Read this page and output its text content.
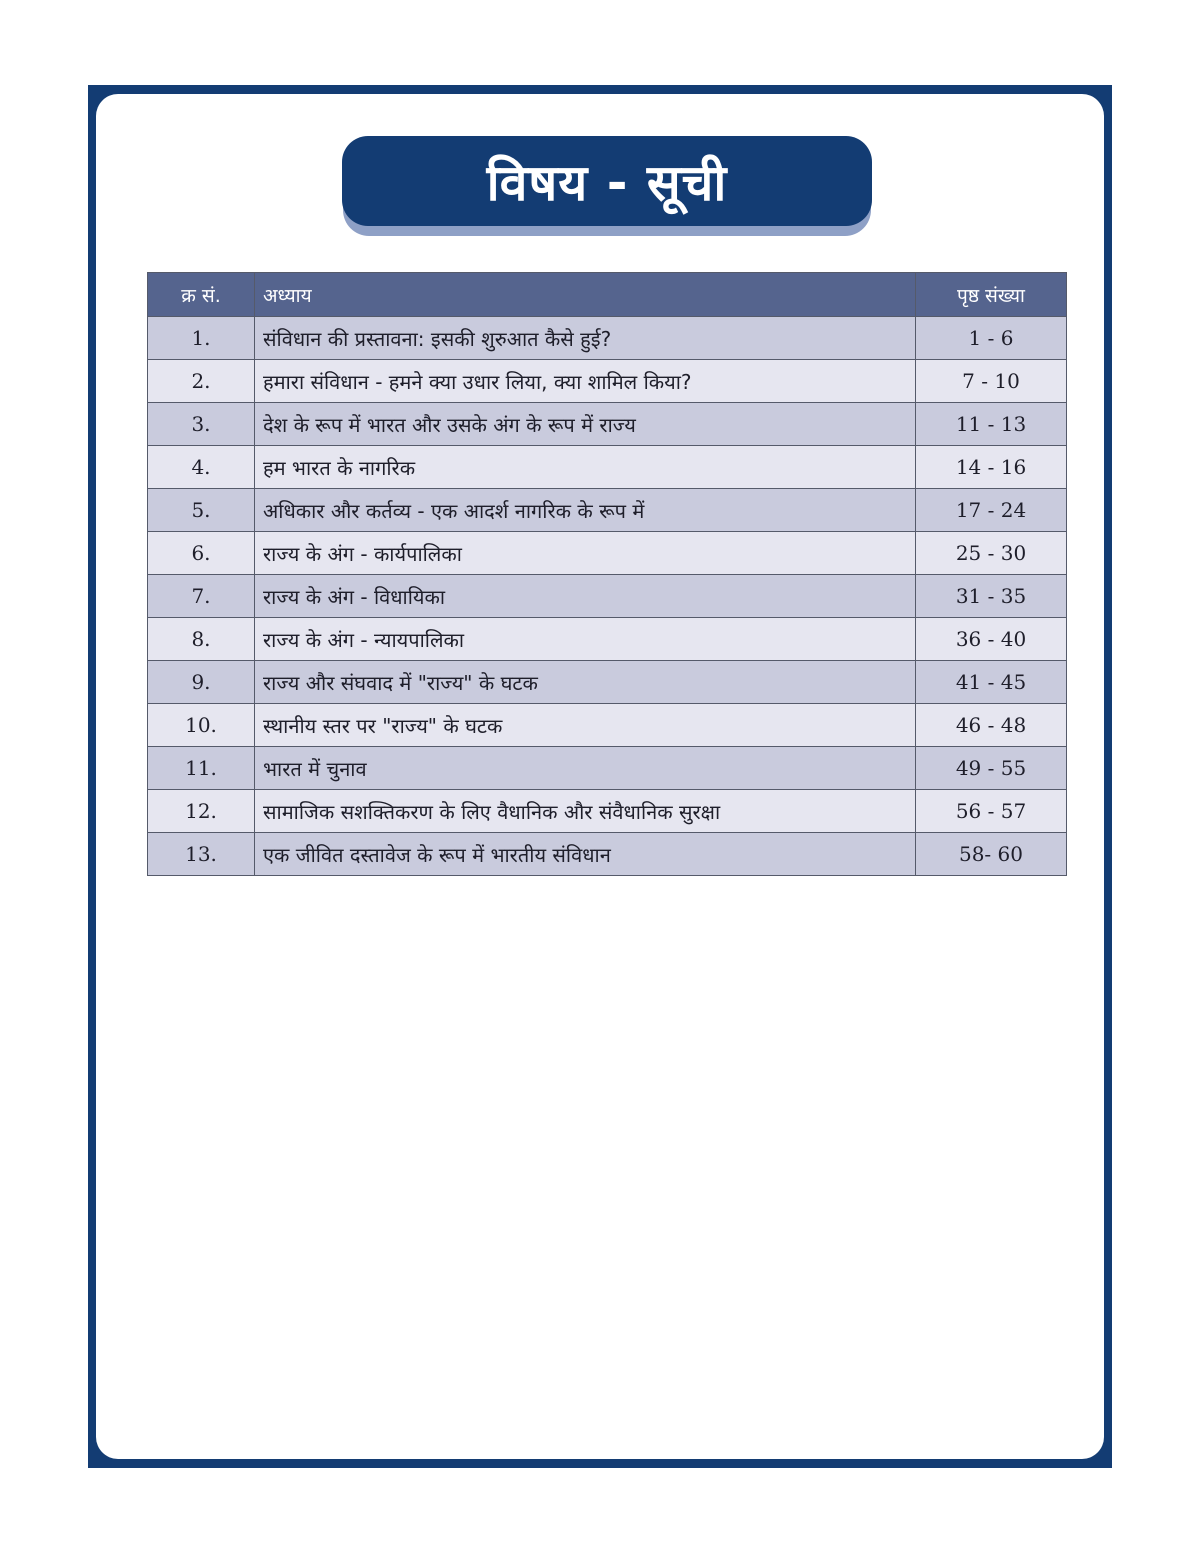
विषय - सूची
क्र सं.	अध्याय	पृष्ठ संख्या
1.	संविधान की प्रस्तावना: इसकी शुरुआत कैसे हुई?	1 - 6
2.	हमारा संविधान - हमने क्या उधार लिया, क्या शामिल किया?	7 - 10
3.	देश के रूप में भारत और उसके अंग के रूप में राज्य	11 - 13
4.	हम भारत के नागरिक	14 - 16
5.	अधिकार और कर्तव्य - एक आदर्श नागरिक के रूप में	17 - 24
6.	राज्य के अंग - कार्यपालिका	25 - 30
7.	राज्य के अंग - विधायिका	31 - 35
8.	राज्य के अंग - न्यायपालिका	36 - 40
9.	राज्य और संघवाद में "राज्य" के घटक	41 - 45
10.	स्थानीय स्तर पर "राज्य" के घटक	46 - 48
11.	भारत में चुनाव	49 - 55
12.	सामाजिक सशक्तिकरण के लिए वैधानिक और संवैधानिक सुरक्षा	56 - 57
13.	एक जीवित दस्तावेज के रूप में भारतीय संविधान	58- 60
